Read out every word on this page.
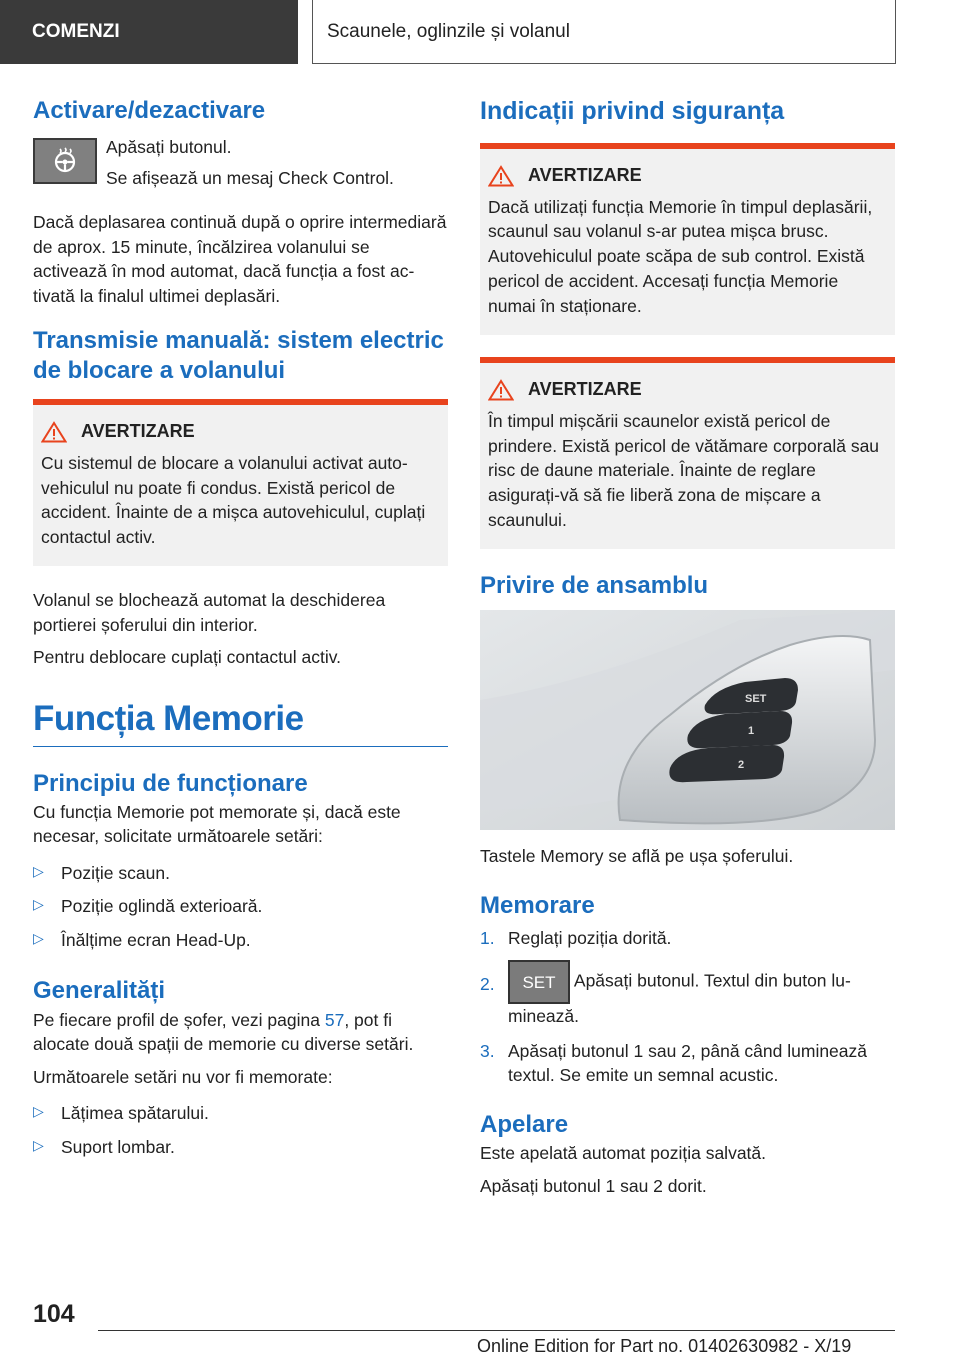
COMENZI	Scaunele, oglinzile și volanul
Activare/dezactivare

Apăsați butonul.

Se afișează un mesaj Check Control.

Dacă deplasarea continuă după o oprire intermediară de aprox. 15 minute, încălzirea volanului se activează în mod automat, dacă funcția a fost activată la finalul ultimei deplasări.

Transmisie manuală: sistem electric de blocare a volanului
AVERTIZARE

Cu sistemul de blocare a volanului activat autovehiculul nu poate fi condus. Există pericol de accident. Înainte de a mișca autovehiculul, cuplați contactul activ.

Volanul se blochează automat la deschiderea portierei șoferului din interior.

Pentru deblocare cuplați contactul activ.

Funcția Memorie
Principiu de funcționare

Cu funcția Memorie pot memorate și, dacă este necesar, solicitate următoarele setări:

▷ Poziție scaun.
▷ Poziție oglindă exterioară.
▷ Înălțime ecran Head-Up.
Generalități

Pe fiecare profil de șofer, vezi pagina 57, pot fi alocate două spații de memorie cu diverse setări.

Următoarele setări nu vor fi memorate:

▷ Lățimea spătarului.
▷ Suport lombar.
Indicații privind siguranța
AVERTIZARE

Dacă utilizați funcția Memorie în timpul deplasării, scaunul sau volanul s-ar putea mișca brusc. Autovehiculul poate scăpa de sub control. Există pericol de accident. Accesați funcția Memorie numai în staționare.

AVERTIZARE

În timpul mișcării scaunelor există pericol de prindere. Există pericol de vătămare corporală sau risc de daune materiale. Înainte de reglare asigurați-vă să fie liberă zona de mișcare a scaunului.

Privire de ansamblu
SET
1
2

Tastele Memory se află pe ușa șoferului.

Memorare
1. Reglați poziția dorită.
2. SET Apăsați butonul. Textul din buton luminează.
3. Apăsați butonul 1 sau 2, până când luminează textul. Se emite un semnal acustic.
Apelare

Este apelată automat poziția salvată.

Apăsați butonul 1 sau 2 dorit.

104
Online Edition for Part no. 01402630982 - X/19
